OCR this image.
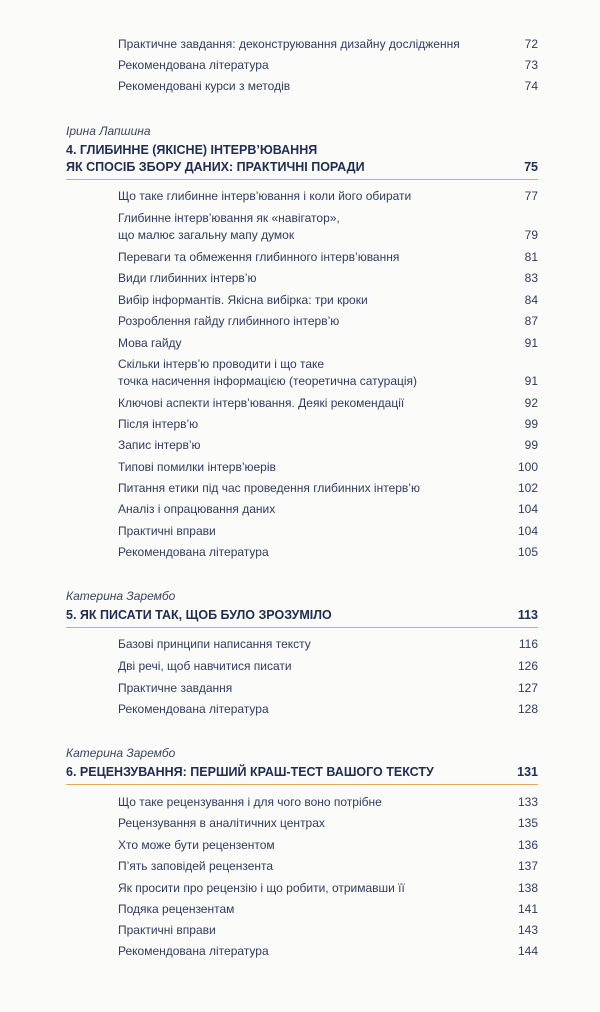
Практичне завдання: деконструювання дизайну дослідження	72
Рекомендована література	73
Рекомендовані курси з методів	74
Ірина Лапшина
4. ГЛИБИННЕ (ЯКІСНЕ) ІНТЕРВ’ЮВАННЯ
ЯК СПОСІБ ЗБОРУ ДАНИХ: ПРАКТИЧНІ ПОРАДИ	75
Що таке глибинне інтерв’ювання і коли його обирати	77
Глибинне інтерв’ювання як «навігатор»,
що малює загальну мапу думок	79
Переваги та обмеження глибинного інтерв’ювання	81
Види глибинних інтерв’ю	83
Вибір інформантів. Якісна вибірка: три кроки	84
Розроблення гайду глибинного інтерв’ю	87
Мова гайду	91
Скільки інтерв’ю проводити і що таке
точка насичення інформацією (теоретична сатурація)	91
Ключові аспекти інтерв’ювання. Деякі рекомендації	92
Після інтерв’ю	99
Запис інтерв’ю	99
Типові помилки інтерв’юерів	100
Питання етики під час проведення глибинних інтерв’ю	102
Аналіз і опрацювання даних	104
Практичні вправи	104
Рекомендована література	105
Катерина Зарембо
5. ЯК ПИСАТИ ТАК, ЩОБ БУЛО ЗРОЗУМІЛО	113
Базові принципи написання тексту	116
Дві речі, щоб навчитися писати	126
Практичне завдання	127
Рекомендована література	128
Катерина Зарембо
6. РЕЦЕНЗУВАННЯ: ПЕРШИЙ КРАШ-ТЕСТ ВАШОГО ТЕКСТУ	131
Що таке рецензування і для чого воно потрібне	133
Рецензування в аналітичних центрах	135
Хто може бути рецензентом	136
П’ять заповідей рецензента	137
Як просити про рецензію і що робити, отримавши її	138
Подяка рецензентам	141
Практичні вправи	143
Рекомендована література	144
